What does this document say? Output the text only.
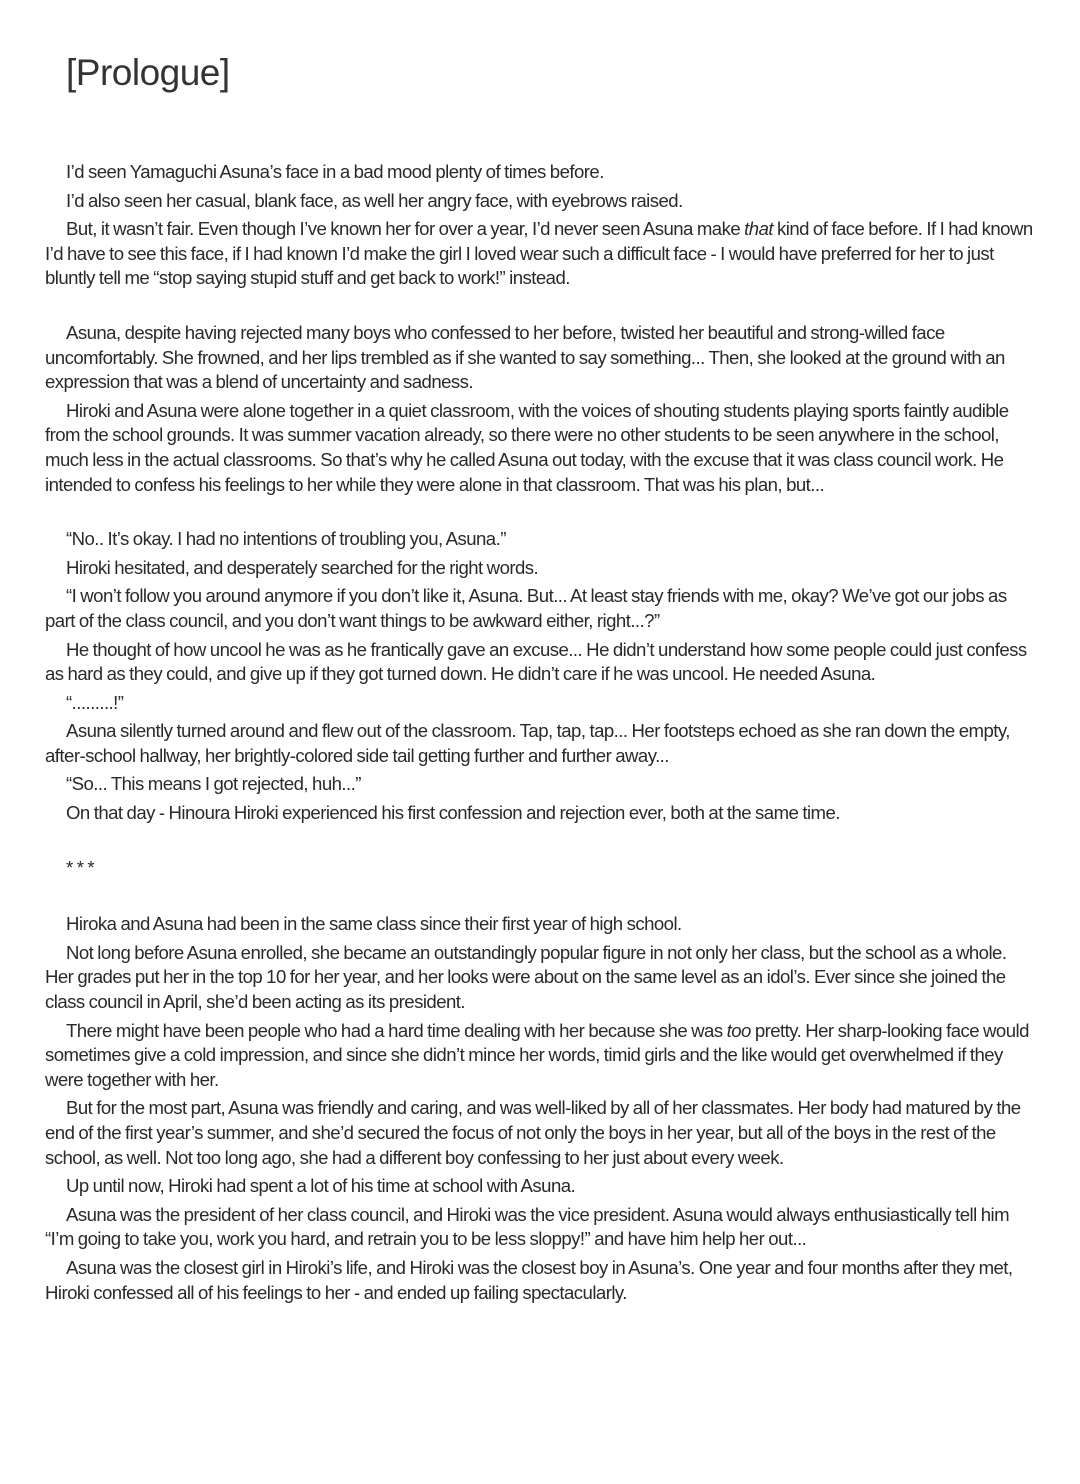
[Prologue]

I’d seen Yamaguchi Asuna’s face in a bad mood plenty of times before.

I’d also seen her casual, blank face, as well her angry face, with eyebrows raised.

But, it wasn’t fair. Even though I’ve known her for over a year, I’d never seen Asuna make that kind of face before. If I had known I’d have to see this face, if I had known I’d make the girl I loved wear such a difficult face - I would have preferred for her to just bluntly tell me “stop saying stupid stuff and get back to work!” instead.

Asuna, despite having rejected many boys who confessed to her before, twisted her beautiful and strong-willed face uncomfortably. She frowned, and her lips trembled as if she wanted to say something... Then, she looked at the ground with an expression that was a blend of uncertainty and sadness.

Hiroki and Asuna were alone together in a quiet classroom, with the voices of shouting students playing sports faintly audible from the school grounds. It was summer vacation already, so there were no other students to be seen anywhere in the school, much less in the actual classrooms. So that’s why he called Asuna out today, with the excuse that it was class council work. He intended to confess his feelings to her while they were alone in that classroom. That was his plan, but...

“No.. It’s okay. I had no intentions of troubling you, Asuna.”

Hiroki hesitated, and desperately searched for the right words.

“I won’t follow you around anymore if you don’t like it, Asuna. But... At least stay friends with me, okay? We’ve got our jobs as part of the class council, and you don’t want things to be awkward either, right...?”

He thought of how uncool he was as he frantically gave an excuse... He didn’t understand how some people could just confess as hard as they could, and give up if they got turned down. He didn’t care if he was uncool. He needed Asuna.

“.........!”

Asuna silently turned around and flew out of the classroom. Tap, tap, tap... Her footsteps echoed as she ran down the empty, after-school hallway, her brightly-colored side tail getting further and further away...

“So... This means I got rejected, huh...”

On that day - Hinoura Hiroki experienced his first confession and rejection ever, both at the same time.

* * *

Hiroka and Asuna had been in the same class since their first year of high school.

Not long before Asuna enrolled, she became an outstandingly popular figure in not only her class, but the school as a whole. Her grades put her in the top 10 for her year, and her looks were about on the same level as an idol’s. Ever since she joined the class council in April, she’d been acting as its president.

There might have been people who had a hard time dealing with her because she was too pretty. Her sharp-looking face would sometimes give a cold impression, and since she didn’t mince her words, timid girls and the like would get overwhelmed if they were together with her.

But for the most part, Asuna was friendly and caring, and was well-liked by all of her classmates. Her body had matured by the end of the first year’s summer, and she’d secured the focus of not only the boys in her year, but all of the boys in the rest of the school, as well. Not too long ago, she had a different boy confessing to her just about every week.

Up until now, Hiroki had spent a lot of his time at school with Asuna.

Asuna was the president of her class council, and Hiroki was the vice president. Asuna would always enthusiastically tell him “I’m going to take you, work you hard, and retrain you to be less sloppy!” and have him help her out...

Asuna was the closest girl in Hiroki’s life, and Hiroki was the closest boy in Asuna’s. One year and four months after they met, Hiroki confessed all of his feelings to her - and ended up failing spectacularly.
